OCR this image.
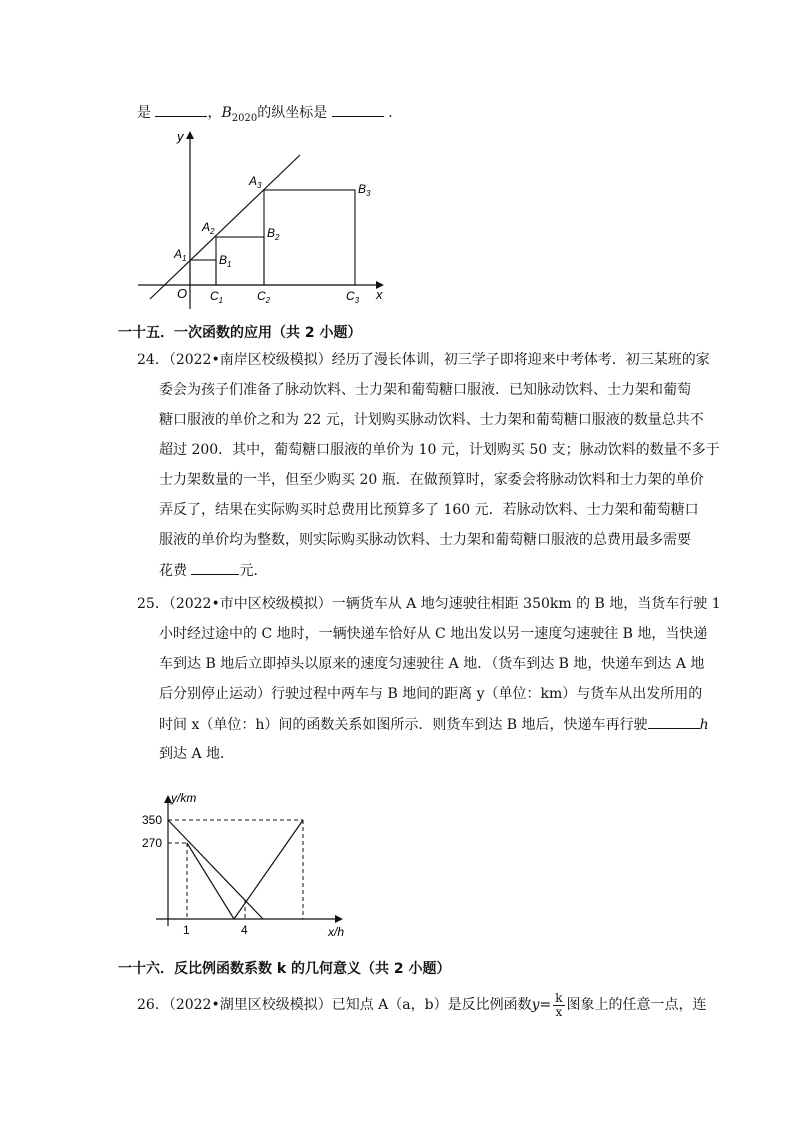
是	，$B_{2020}$的纵坐标是	.
y
x
O
$A_1$
$A_2$
$A_3$
$B_1$
$B_2$
$B_3$
$C_1$	$C_2$	$C_3$
一十五．一次函数的应用（共 2 小题）
24．（2022•南岸区校级模拟）经历了漫长体训，初三学子即将迎来中考体考．初三某班的家
委会为孩子们准备了脉动饮料、士力架和葡萄糖口服液．已知脉动饮料、士力架和葡萄
糖口服液的单价之和为 22 元，计划购买脉动饮料、士力架和葡萄糖口服液的数量总共不
超过 200．其中，葡萄糖口服液的单价为 10 元，计划购买 50 支；脉动饮料的数量不多于
士力架数量的一半，但至少购买 20 瓶．在做预算时，家委会将脉动饮料和士力架的单价
弄反了，结果在实际购买时总费用比预算多了 160 元．若脉动饮料、士力架和葡萄糖口
服液的单价均为整数，则实际购买脉动饮料、士力架和葡萄糖口服液的总费用最多需要
花费	元．
25．（2022•市中区校级模拟）一辆货车从 A 地匀速驶往相距 350km 的 B 地，当货车行驶 1
小时经过途中的 C 地时，一辆快递车恰好从 C 地出发以另一速度匀速驶往 B 地，当快递
车到达 B 地后立即掉头以原来的速度匀速驶往 A 地．（货车到达 B 地，快递车到达 A 地
后分别停止运动）行驶过程中两车与 B 地间的距离 y（单位：km）与货车从出发所用的
时间 x（单位：h）间的函数关系如图所示．则货车到达 B 地后，快递车再行驶	h
到达 A 地．
y/km
x/h
350
270
1	4
一十六．反比例函数系数 k 的几何意义（共 2 小题）
26．（2022•湖里区校级模拟）已知点 A（a，b）是反比例函数$y= \frac{k}{x}$ 图象上的任意一点，连
